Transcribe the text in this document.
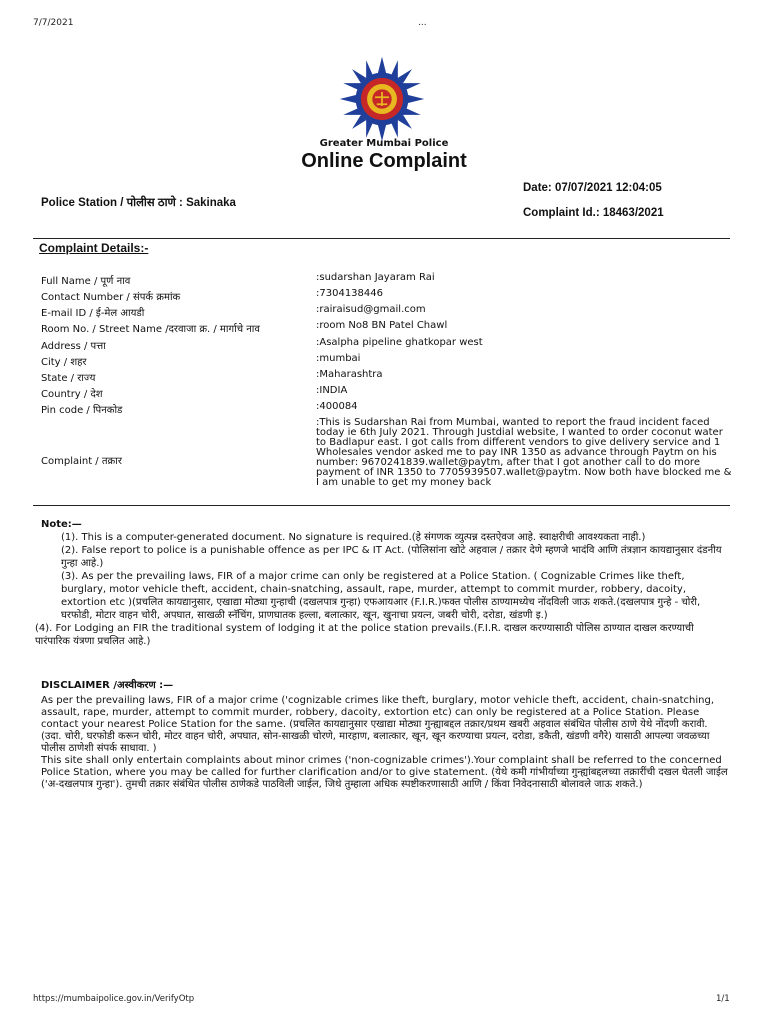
7/7/2021	...
Greater Mumbai Police
Online Complaint
Date: 07/07/2021 12:04:05
Police Station / पोलीस ठाणे : Sakinaka
Complaint Id.: 18463/2021
Complaint Details:-
Full Name / पूर्ण नाव	:sudarshan Jayaram Rai
Contact Number / संपर्क क्रमांक	:7304138446
E-mail ID / ई-मेल आयडी	:rairaisud@gmail.com
Room No. / Street Name /दरवाजा क्र. / मार्गाचे नाव	:room No8 BN Patel Chawl
Address / पत्ता	:Asalpha pipeline ghatkopar west
City / शहर	:mumbai
State / राज्य	:Maharashtra
Country / देश	:INDIA
Pin code / पिनकोड	:400084
Complaint / तक्रार
:This is Sudarshan Rai from Mumbai, wanted to report the fraud incident faced today ie 6th July 2021. Through Justdial website, I wanted to order coconut water to Badlapur east. I got calls from different vendors to give delivery service and 1 Wholesales vendor asked me to pay INR 1350 as advance through Paytm on his number: 9670241839.wallet@paytm, after that I got another call to do more payment of INR 1350 to 7705939507.wallet@paytm. Now both have blocked me & I am unable to get my money back

Note:—

(1). This is a computer-generated document. No signature is required.(हे संगणक व्युत्पन्न दस्तऐवज आहे. स्वाक्षरीची आवश्यकता नाही.)

(2). False report to police is a punishable offence as per IPC & IT Act. (पोलिसांना खोटे अहवाल / तक्रार देणे म्हणजे भादंवि आणि तंत्रज्ञान कायद्यानुसार दंडनीय गुन्हा आहे.)

(3). As per the prevailing laws, FIR of a major crime can only be registered at a Police Station. ( Cognizable Crimes like theft, burglary, motor vehicle theft, accident, chain-snatching, assault, rape, murder, attempt to commit murder, robbery, dacoity, extortion etc )(प्रचलित कायद्यानुसार, एखाद्या मोठ्या गुन्हाची (दखलपात्र गुन्हा) एफआयआर (F.I.R.)फक्त पोलीस ठाण्यामध्येच नोंदविली जाऊ शकते.(दखलपात्र गुन्हे - चोरी, घरफोडी, मोटार वाहन चोरी, अपघात, साखळी स्नॅचिंग, प्राणघातक हल्ला, बलात्कार, खून, खुनाचा प्रयत्न, जबरी चोरी, दरोडा, खंडणी इ.)

(4). For Lodging an FIR the traditional system of lodging it at the police station prevails.(F.I.R. दाखल करण्यासाठी पोलिस ठाण्यात दाखल करण्याची पारंपारिक यंत्रणा प्रचलित आहे.)

DISCLAIMER /अस्वीकरण :—

As per the prevailing laws, FIR of a major crime ('cognizable crimes like theft, burglary, motor vehicle theft, accident, chain-snatching, assault, rape, murder, attempt to commit murder, robbery, dacoity, extortion etc) can only be registered at a Police Station. Please contact your nearest Police Station for the same. (प्रचलित कायद्यानुसार एखाद्या मोठ्या गुन्ह्याबद्दल तक्रार/प्रथम खबरी अहवाल संबंधित पोलीस ठाणे येथे नोंदणी करावी. (उदा. चोरी, घरफोडी करून चोरी, मोटर वाहन चोरी, अपघात, सोन-साखळी चोरणे, मारहाण, बलात्कार, खून, खून करण्याचा प्रयत्न, दरोडा, डकैती, खंडणी वगैरे) यासाठी आपल्या जवळच्या पोलीस ठाणेशी संपर्क साधावा. )

This site shall only entertain complaints about minor crimes ('non-cognizable crimes').Your complaint shall be referred to the concerned Police Station, where you may be called for further clarification and/or to give statement. (येथे कमी गांभीर्याच्या गुन्ह्यांबद्दलच्या तक्रारींची दखल घेतली जाईल ('अ-दखलपात्र गुन्हा'). तुमची तक्रार संबंधित पोलीस ठाणेकडे पाठविली जाईल, जिथे तुम्हाला अधिक स्पष्टीकरणासाठी आणि / किंवा निवेदनासाठी बोलावले जाऊ शकते.)

https://mumbaipolice.gov.in/VerifyOtp	1/1
